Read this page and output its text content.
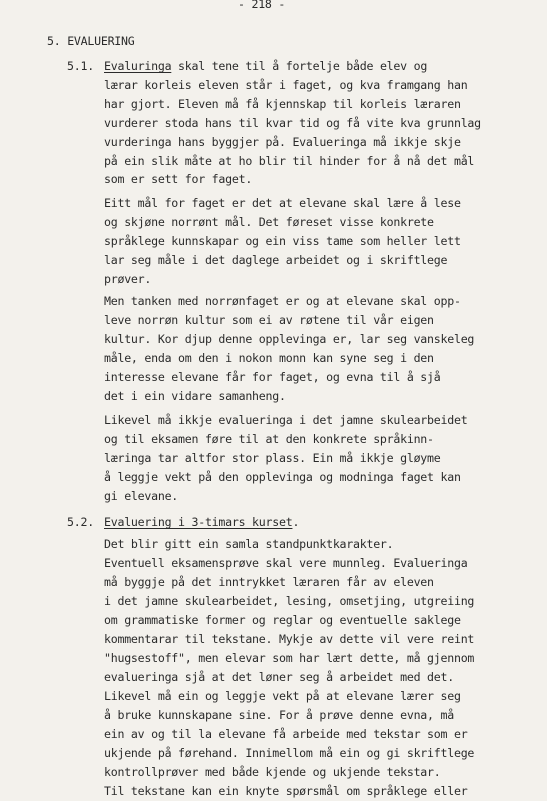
- 218 -
5. EVALUERING
5.1. Evaluringa skal tene til å fortelje både elev og
lærar korleis eleven står i faget, og kva framgang han
har gjort. Eleven må få kjennskap til korleis læraren
vurderer stoda hans til kvar tid og få vite kva grunnlag
vurderinga hans byggjer på. Evalueringa må ikkje skje
på ein slik måte at ho blir til hinder for å nå det mål
som er sett for faget.
Eitt mål for faget er det at elevane skal lære å lese
og skjøne norrønt mål. Det føreset visse konkrete
språklege kunnskapar og ein viss tame som heller lett
lar seg måle i det daglege arbeidet og i skriftlege
prøver.
Men tanken med norrønfaget er og at elevane skal opp-
leve norrøn kultur som ei av røtene til vår eigen
kultur. Kor djup denne opplevinga er, lar seg vanskeleg
måle, enda om den i nokon monn kan syne seg i den
interesse elevane får for faget, og evna til å sjå
det i ein vidare samanheng.
Likevel må ikkje evalueringa i det jamne skulearbeidet
og til eksamen føre til at den konkrete språkinn-
læringa tar altfor stor plass. Ein må ikkje gløyme
å leggje vekt på den opplevinga og modninga faget kan
gi elevane.
5.2. Evaluering i 3-timars kurset.
Det blir gitt ein samla standpunktkarakter.
Eventuell eksamensprøve skal vere munnleg. Evalueringa
må byggje på det inntrykket læraren får av eleven
i det jamne skulearbeidet, lesing, omsetjing, utgreiing
om grammatiske former og reglar og eventuelle saklege
kommentarar til tekstane. Mykje av dette vil vere reint
"hugsestoff", men elevar som har lært dette, må gjennom
evalueringa sjå at det løner seg å arbeidet med det.
Likevel må ein og leggje vekt på at elevane lærer seg
å bruke kunnskapane sine. For å prøve denne evna, må
ein av og til la elevane få arbeide med tekstar som er
ukjende på førehand. Innimellom må ein og gi skriftlege
kontrollprøver med både kjende og ukjende tekstar.
Til tekstane kan ein knyte spørsmål om språklege eller
